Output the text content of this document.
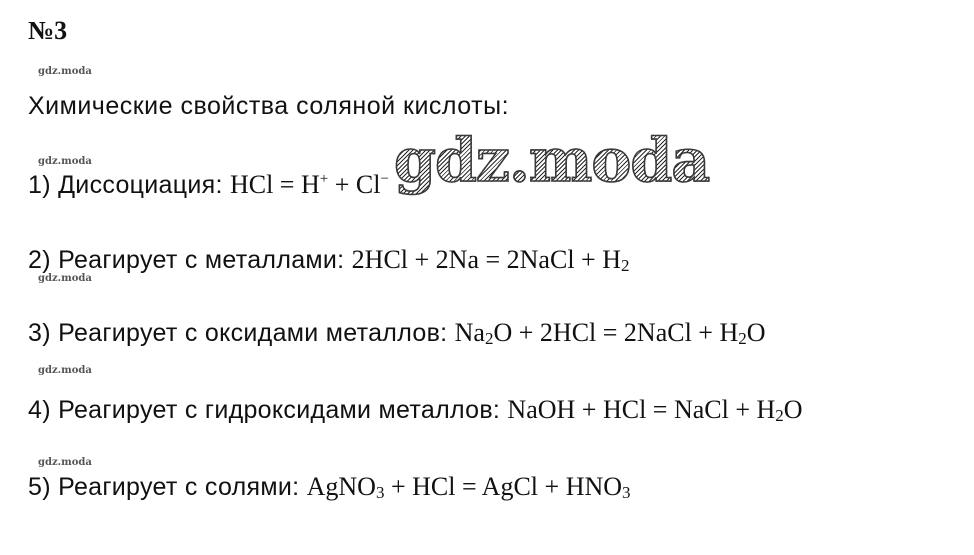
№3
gdz.moda
Химические свойства соляной кислоты:
gdz.moda
1) Диссоциация: HCl = H+ + Cl− gdz.moda
2) Реагирует с металлами: 2HCl + 2Na = 2NaCl + $H_2$
gdz.moda
3) Реагирует с оксидами металлов: $Na_2O + 2HCl$ = 2NaCl + $H_2O$
gdz.moda
4) Реагирует с гидроксидами металлов: NaOH + HCl = NaCl + $H_2O$
gdz.moda
5) Реагирует с солями: AgNO$_3$ + HCl = AgCl + $HNO_3$
